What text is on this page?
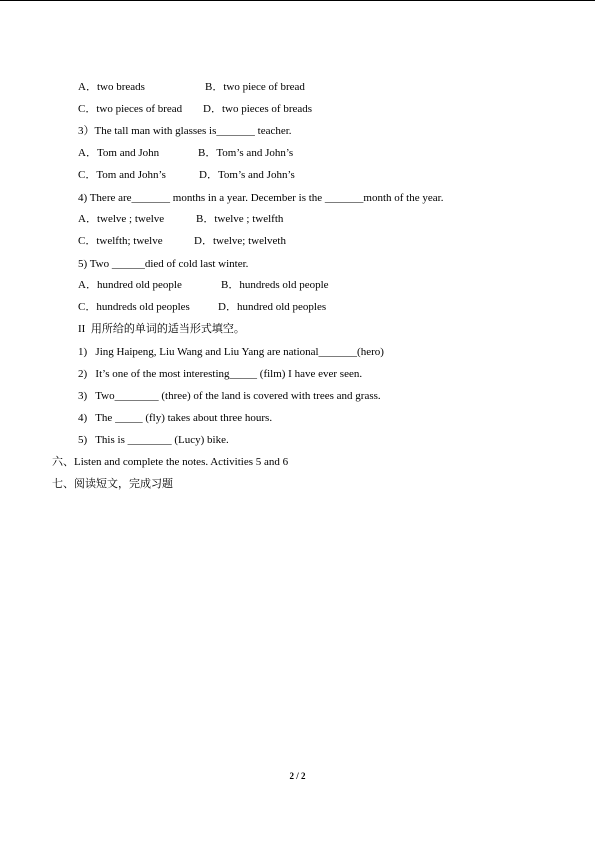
A．two breads	B．two piece of bread
C．two pieces of bread D．two pieces of breads
3）The tall man with glasses is_______ teacher.
A．Tom and John	B．Tom’s and John’s
C．Tom and John’s	D．Tom’s and John’s
4) There are_______ months in a year. December is the _______month of the year.
A．twelve ; twelve	B．twelve ; twelfth
C．twelfth; twelve	D．twelve; twelveth
5) Two ______died of cold last winter.
A．hundred old people	B．hundreds old people
C．hundreds old peoples	D．hundred old peoples
II  用所给的单词的适当形式填空。
1)   Jing Haipeng, Liu Wang and Liu Yang are national_______(hero)
2)   It’s one of the most interesting_____ (film) I have ever seen.
3)   Two________ (three) of the land is covered with trees and grass.
4)   The _____ (fly) takes about three hours.
5)   This is ________ (Lucy) bike.
六、Listen and complete the notes. Activities 5 and 6
七、阅读短文，完成习题
2 / 2
